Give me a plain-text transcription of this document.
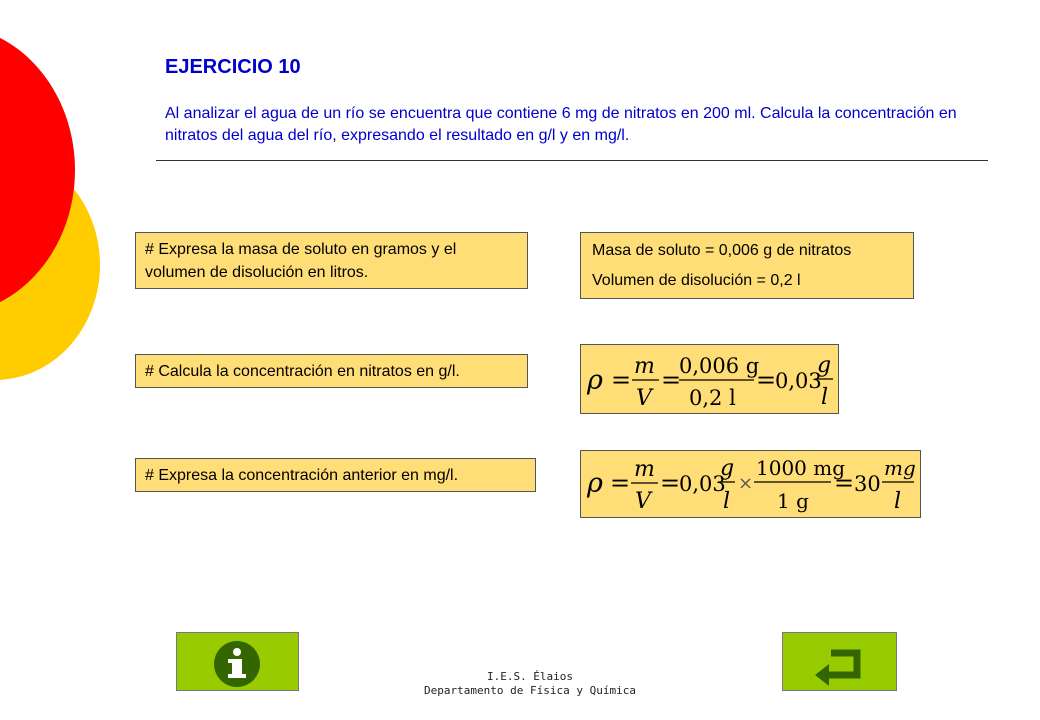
EJERCICIO 10
Al analizar el agua de un río se encuentra que contiene 6 mg de nitratos en 200 ml. Calcula la concentración en nitratos del agua del río, expresando el resultado en g/l y en mg/l.
# Expresa la masa de soluto en gramos y el volumen de disolución en litros.

Masa de soluto = 0,006 g de nitratos

Volumen de disolución = 0,2 l

# Calcula la concentración en nitratos en g/l.	ρ = m
V
=
0,006 g
0,2 l
=
0,03
g
l
# Expresa la concentración anterior en mg/l.	ρ = m
V
=
0,03
g
l
×
1000 mg
1 g
= 30
mg
l
I.E.S. Élaios
Departamento de Física y Química
